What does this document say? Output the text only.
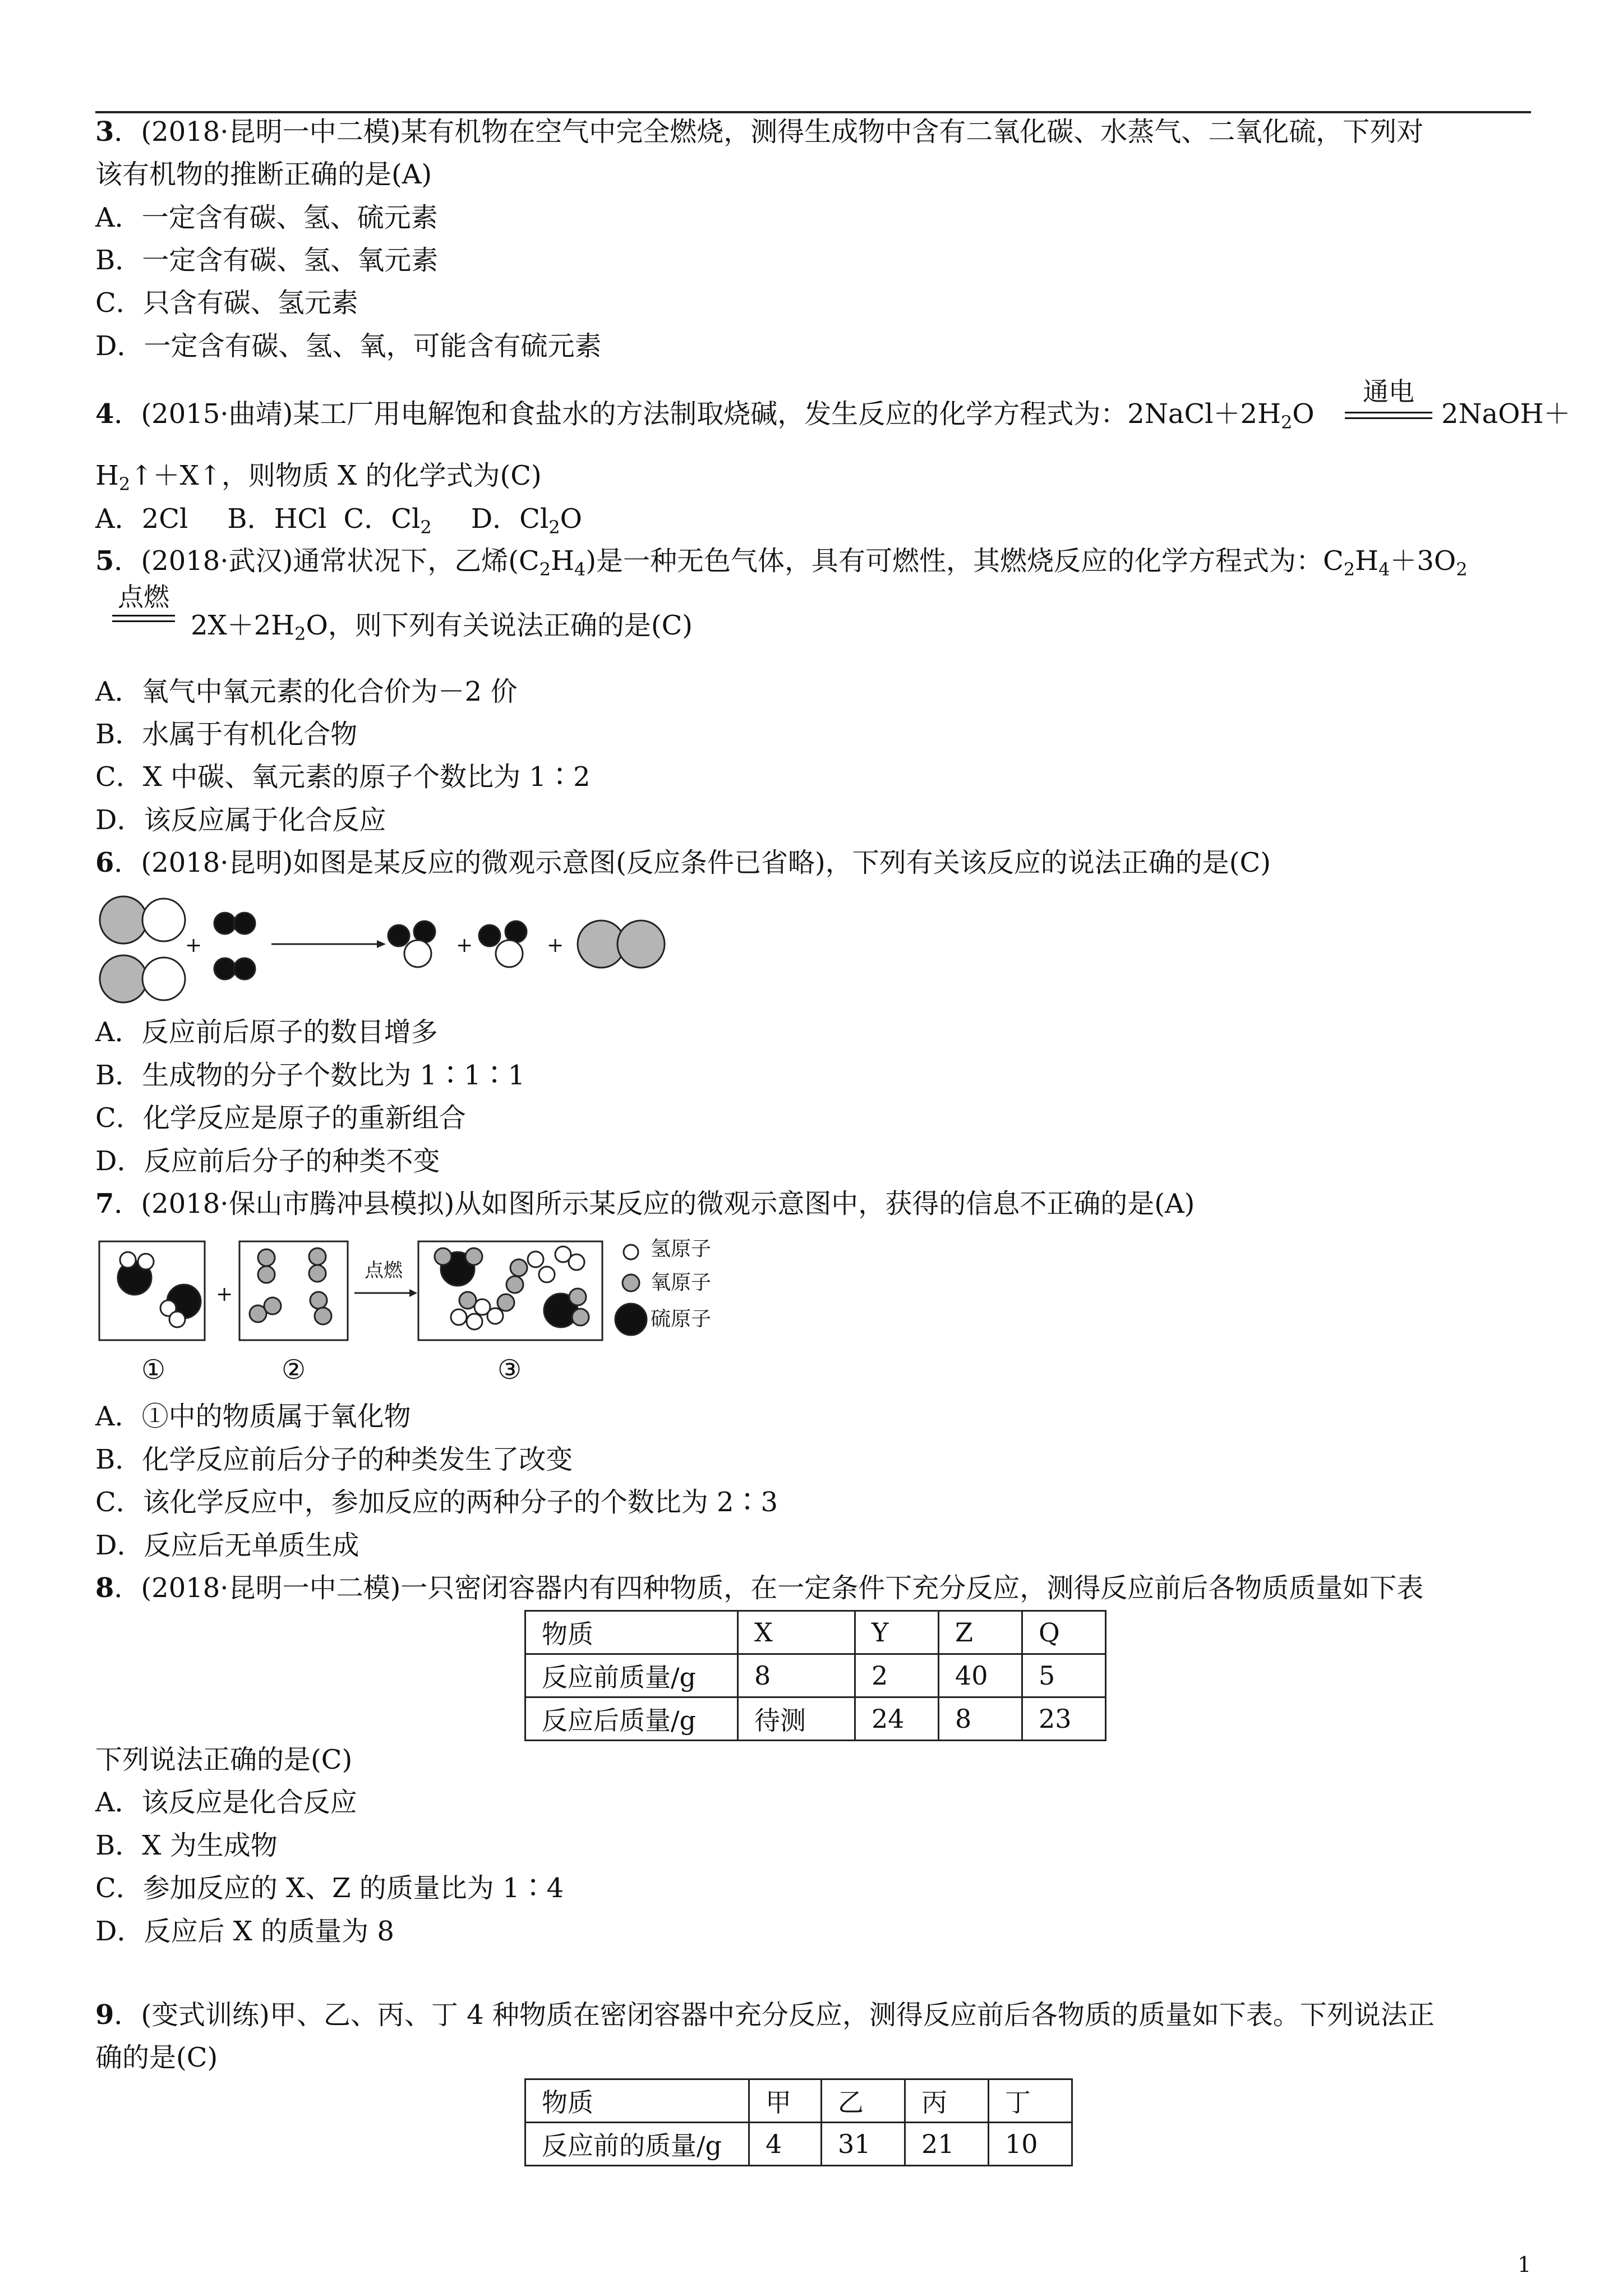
3．(2018·昆明一中二模)某有机物在空气中完全燃烧，测得生成物中含有二氧化碳、水蒸气、二氧化硫，下列对
该有机物的推断正确的是(A)
A．一定含有碳、氢、硫元素
B．一定含有碳、氢、氧元素
C．只含有碳、氢元素
D．一定含有碳、氢、氧，可能含有硫元素
4．(2015·曲靖)某工厂用电解饱和食盐水的方法制取烧碱，发生反应的化学方程式为：$2NaCl+2H_2O$
通电
2NaOH＋
$H_2↑+X↑$，则物质 X 的化学式为(C)
A．2Cl B．HCl C．$Cl_2$ D．$Cl_2O$
5．(2018·武汉)通常状况下，乙烯$(C_2H_4)$是一种无色气体，具有可燃性，其燃烧反应的化学方程式为：$C_2H_4+3O_2$
点燃
$2X+2H_2O$，则下列有关说法正确的是(C)
A．氧气中氧元素的化合价为－2 价
B．水属于有机化合物
C．X 中碳、氧元素的原子个数比为 1∶2
D．该反应属于化合反应
6．(2018·昆明)如图是某反应的微观示意图(反应条件已省略)，下列有关该反应的说法正确的是(C)
+	+	+
A．反应前后原子的数目增多
B．生成物的分子个数比为 1∶1∶1
C．化学反应是原子的重新组合
D．反应前后分子的种类不变
7．(2018·保山市腾冲县模拟)从如图所示某反应的微观示意图中，获得的信息不正确的是(A)
+
点燃
氢原子
氧原子
硫原子
①	②	③
A．①中的物质属于氧化物
B．化学反应前后分子的种类发生了改变
C．该化学反应中，参加反应的两种分子的个数比为 2∶3
D．反应后无单质生成
8．(2018·昆明一中二模)一只密闭容器内有四种物质，在一定条件下充分反应，测得反应前后各物质质量如下表
物质	X	Y	Z	Q
反应前质量/g	8	2	40	5
反应后质量/g	待测	24	8	23
下列说法正确的是(C)
A．该反应是化合反应
B．X 为生成物
C．参加反应的 X、Z 的质量比为 1∶4
D．反应后 X 的质量为 8
9．(变式训练)甲、乙、丙、丁 4 种物质在密闭容器中充分反应，测得反应前后各物质的质量如下表。下列说法正
确的是(C)
物质	甲	乙	丙	丁
反应前的质量/g	4	31	21	10
1
